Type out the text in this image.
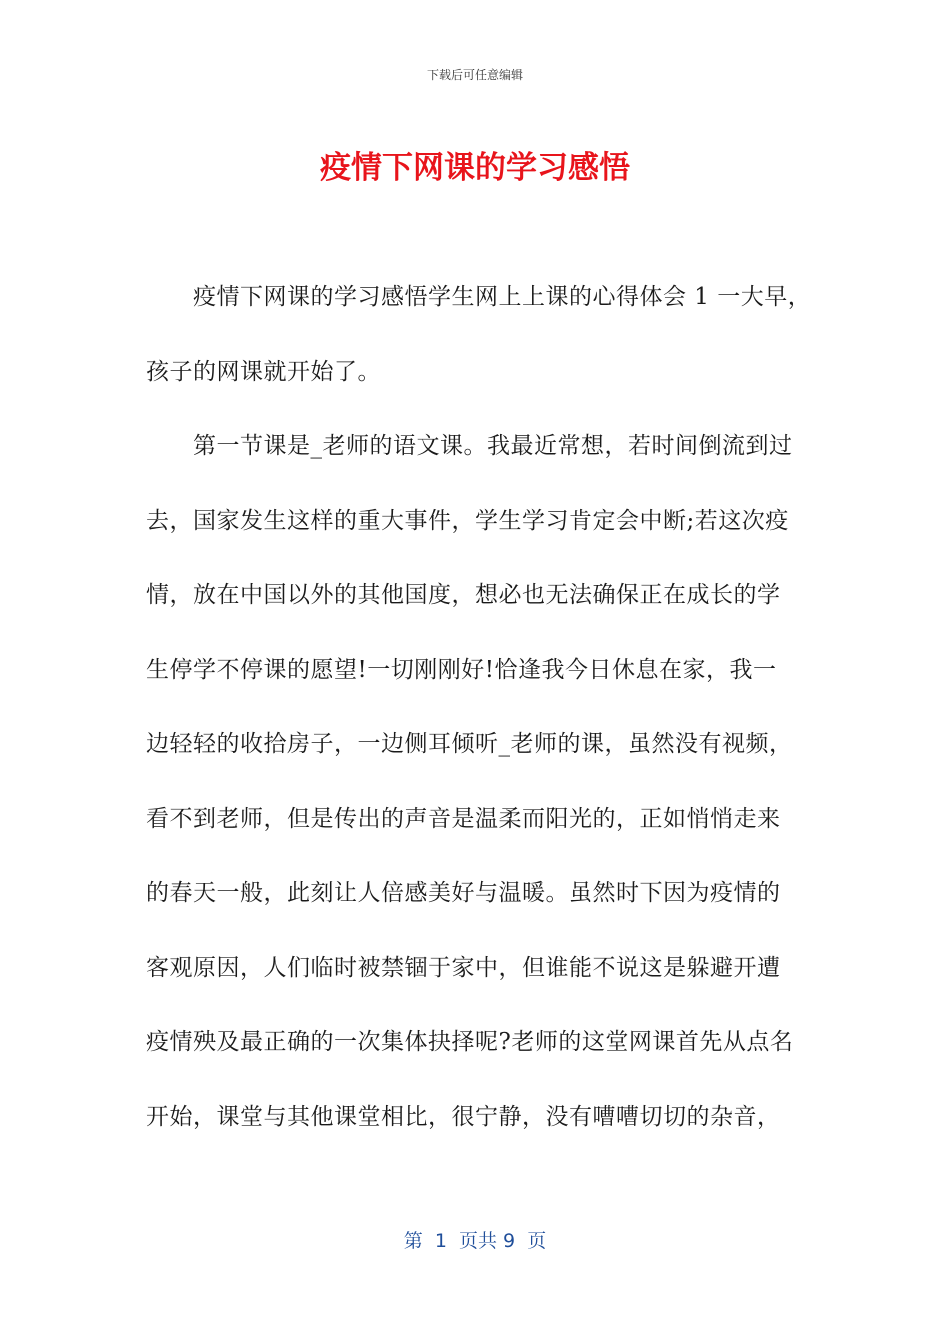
下载后可任意编辑
疫情下网课的学习感悟
疫情下网课的学习感悟学生网上上课的心得体会 1 一大早，
孩子的网课就开始了。
第一节课是_老师的语文课。我最近常想，若时间倒流到过
去，国家发生这样的重大事件，学生学习肯定会中断;若这次疫
情，放在中国以外的其他国度，想必也无法确保正在成长的学
生停学不停课的愿望!一切刚刚好!恰逢我今日休息在家，我一
边轻轻的收拾房子，一边侧耳倾听_老师的课，虽然没有视频，
看不到老师，但是传出的声音是温柔而阳光的，正如悄悄走来
的春天一般，此刻让人倍感美好与温暖。虽然时下因为疫情的
客观原因，人们临时被禁锢于家中，但谁能不说这是躲避开遭
疫情殃及最正确的一次集体抉择呢?老师的这堂网课首先从点名
开始，课堂与其他课堂相比，很宁静，没有嘈嘈切切的杂音，
第  1  页共 9  页
